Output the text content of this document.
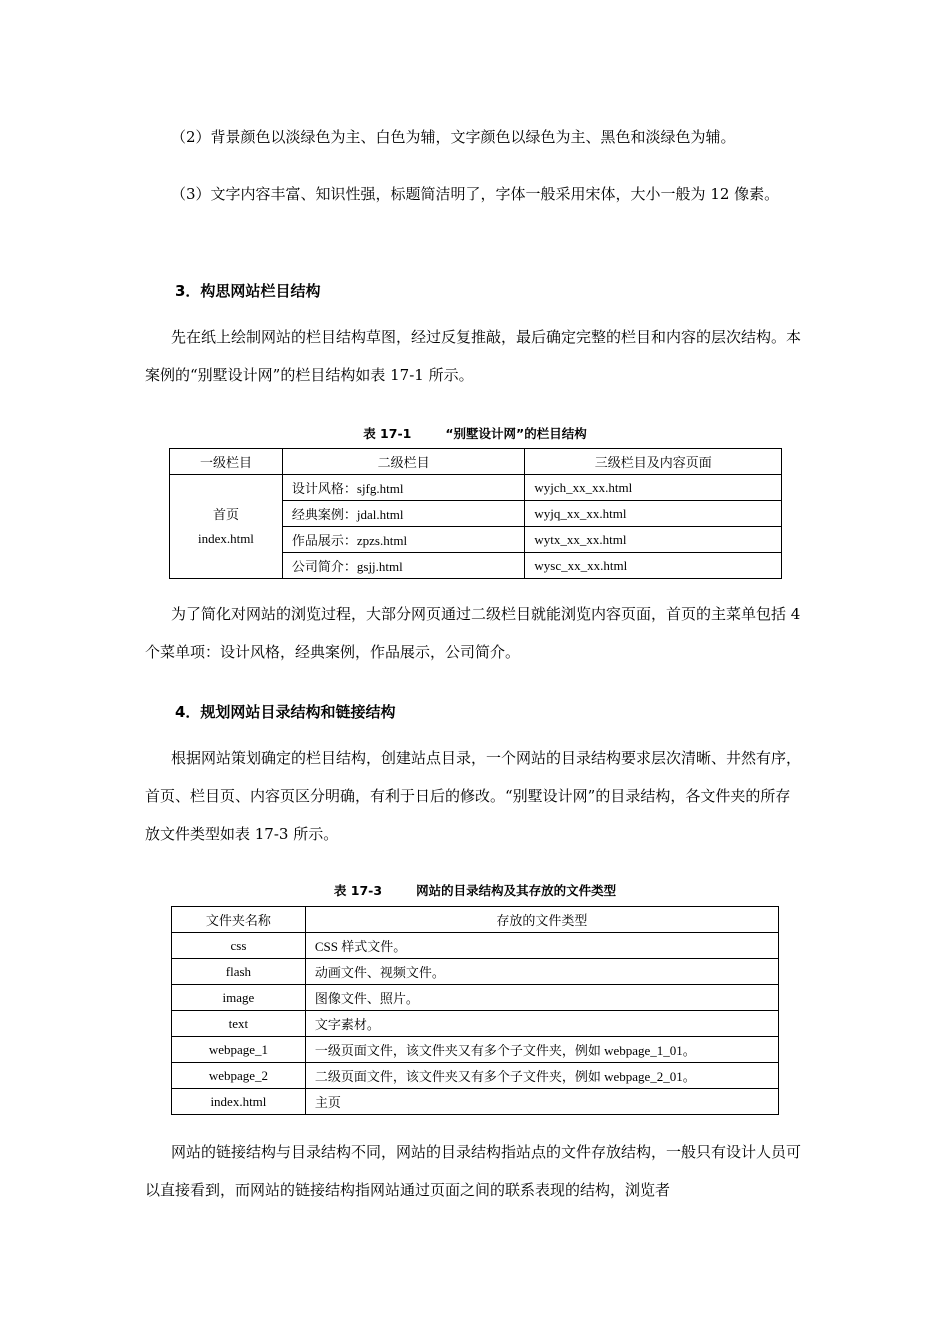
（2）背景颜色以淡绿色为主、白色为辅，文字颜色以绿色为主、黑色和淡绿色为辅。

（3）文字内容丰富、知识性强，标题简洁明了，字体一般采用宋体，大小一般为 12 像素。

3．构思网站栏目结构

先在纸上绘制网站的栏目结构草图，经过反复推敲，最后确定完整的栏目和内容的层次结构。本案例的“别墅设计网”的栏目结构如表 17-1 所示。

表 17-1	“别墅设计网”的栏目结构

一级栏目	二级栏目	三级栏目及内容页面
首页
index.html	设计风格：sjfg.html	wyjch_xx_xx.html
	经典案例：jdal.html	wyjq_xx_xx.html
	作品展示：zpzs.html	wytx_xx_xx.html
	公司简介：gsjj.html	wysc_xx_xx.html

为了简化对网站的浏览过程，大部分网页通过二级栏目就能浏览内容页面，首页的主菜单包括 4 个菜单项：设计风格，经典案例，作品展示，公司简介。

4．规划网站目录结构和链接结构

根据网站策划确定的栏目结构，创建站点目录，一个网站的目录结构要求层次清晰、井然有序，首页、栏目页、内容页区分明确，有利于日后的修改。“别墅设计网”的目录结构，各文件夹的所存放文件类型如表 17-3 所示。

表 17-3	网站的目录结构及其存放的文件类型

文件夹名称	存放的文件类型
css	CSS 样式文件。
flash	动画文件、视频文件。
image	图像文件、照片。
text	文字素材。
webpage_1	一级页面文件，该文件夹又有多个子文件夹，例如 webpage_1_01。
webpage_2	二级页面文件，该文件夹又有多个子文件夹，例如 webpage_2_01。
index.html	主页

网站的链接结构与目录结构不同，网站的目录结构指站点的文件存放结构，一般只有设计人员可以直接看到，而网站的链接结构指网站通过页面之间的联系表现的结构，浏览者
